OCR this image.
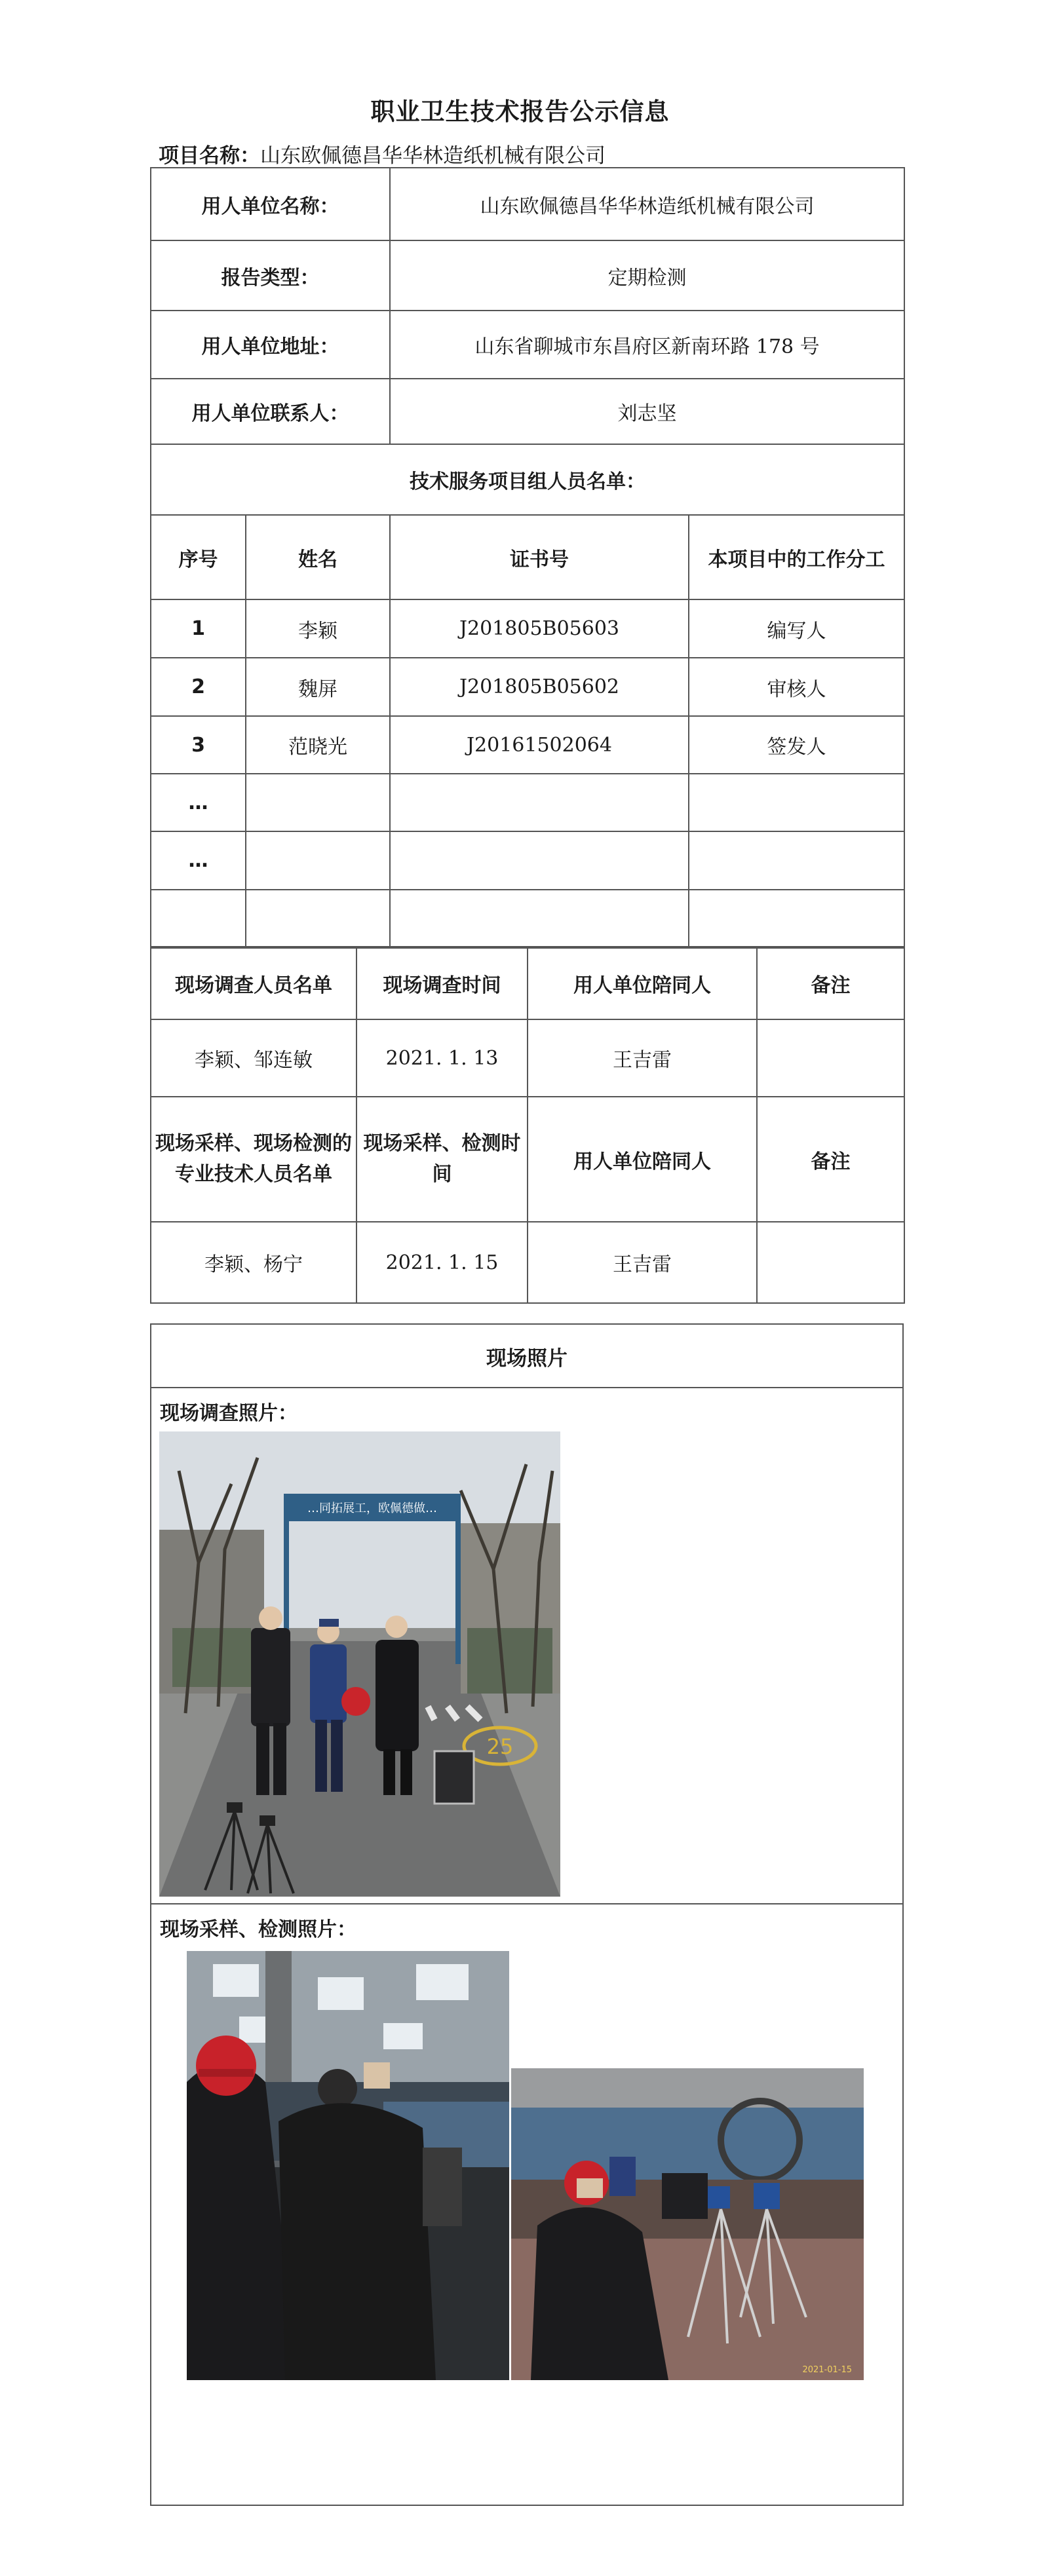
职业卫生技术报告公示信息
项目名称：山东欧佩德昌华华林造纸机械有限公司
用人单位名称：		山东欧佩德昌华华林造纸机械有限公司	
报告类型：		定期检测	
用人单位地址：		山东省聊城市东昌府区新南环路 178 号	
用人单位联系人：		刘志坚	
技术服务项目组人员名单：			
序号	姓名	证书号	本项目中的工作分工
1	李颖	J201805B05603	编写人
2	魏屏	J201805B05602	审核人
3	范晓光	J20161502064	签发人
…			
…			

现场调查人员名单	现场调查时间	用人单位陪同人	备注
李颖、邹连敏	2021. 1. 13	王吉雷	
现场采样、现场检测的专业技术人员名单	现场采样、检测时间	用人单位陪同人	备注
李颖、杨宁	2021. 1. 15	王吉雷	
现场照片
现场调查照片：
现场采样、检测照片：
…同拓展工，欧佩德做…
25
2021-01-15
